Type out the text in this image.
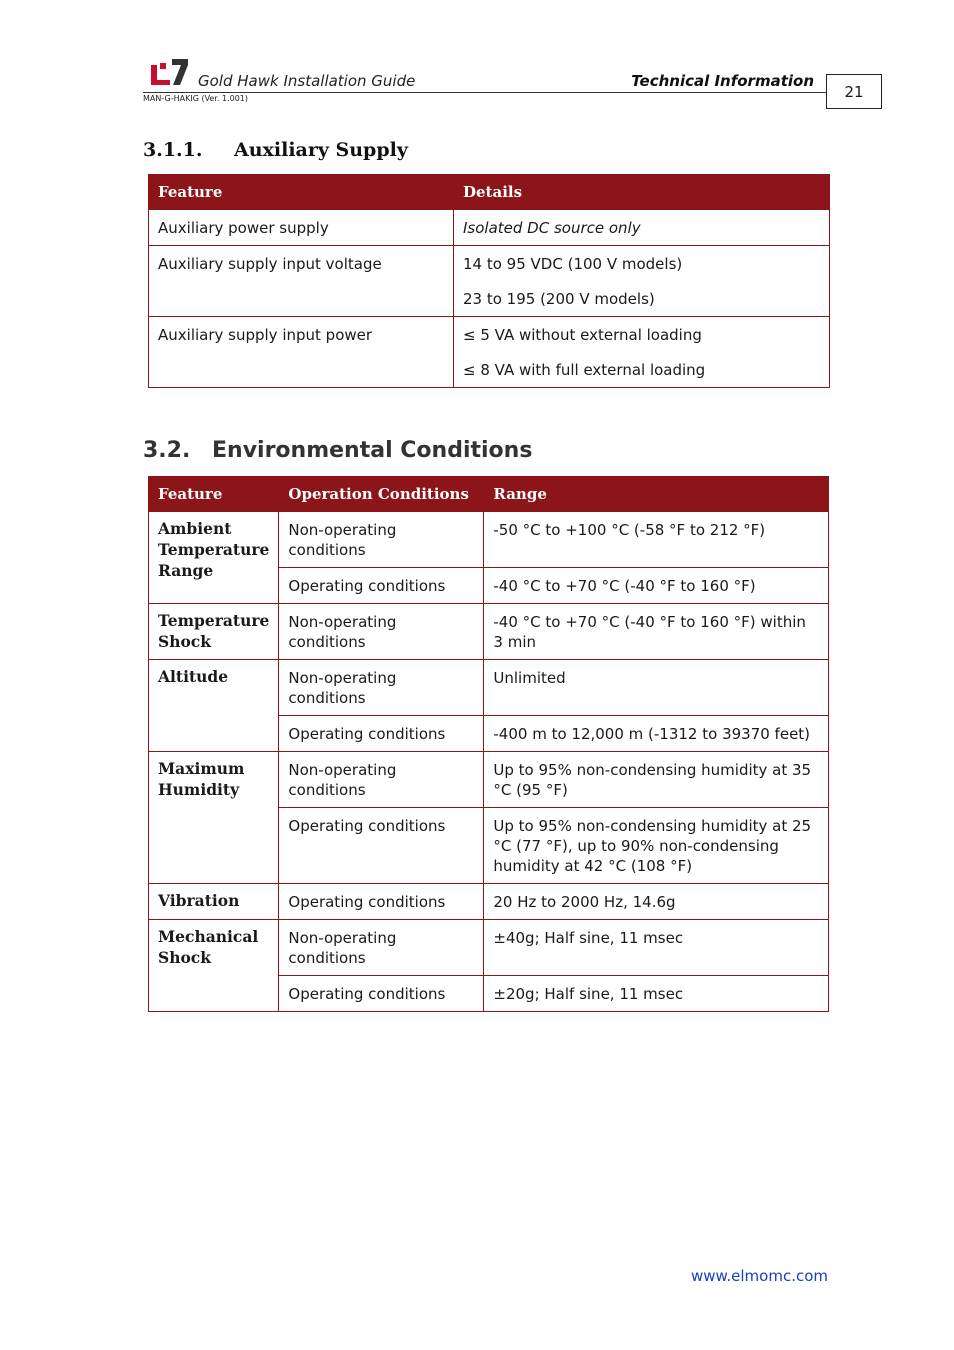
Gold Hawk Installation Guide	Technical Information
MAN-G-HAKIG (Ver. 1.001)	21
3.1.1. Auxiliary Supply
Feature	Details
Auxiliary power supply	Isolated DC source only
Auxiliary supply input voltage	14 to 95 VDC (100 V models)
23 to 195 (200 V models)

Auxiliary supply input power	≤ 5 VA without external loading
≤ 8 VA with full external loading
3.2. Environmental Conditions
Feature	Operation Conditions	Range
Ambient Temperature Range	Non-operating conditions	-50 °C to +100 °C (-58 °F to 212 °F)
	Operating conditions	-40 °C to +70 °C (-40 °F to 160 °F)
Temperature Shock	Non-operating conditions	-40 °C to +70 °C (-40 °F to 160 °F) within 3 min
Altitude	Non-operating conditions	Unlimited
	Operating conditions	-400 m to 12,000 m (-1312 to 39370 feet)
Maximum Humidity	Non-operating conditions	Up to 95% non-condensing humidity at 35 °C (95 °F)
	Operating conditions	Up to 95% non-condensing humidity at 25 °C (77 °F), up to 90% non-condensing humidity at 42 °C (108 °F)
Vibration	Operating conditions	20 Hz to 2000 Hz, 14.6g
Mechanical Shock	Non-operating conditions	±40g; Half sine, 11 msec
	Operating conditions	±20g; Half sine, 11 msec
www.elmomc.com
